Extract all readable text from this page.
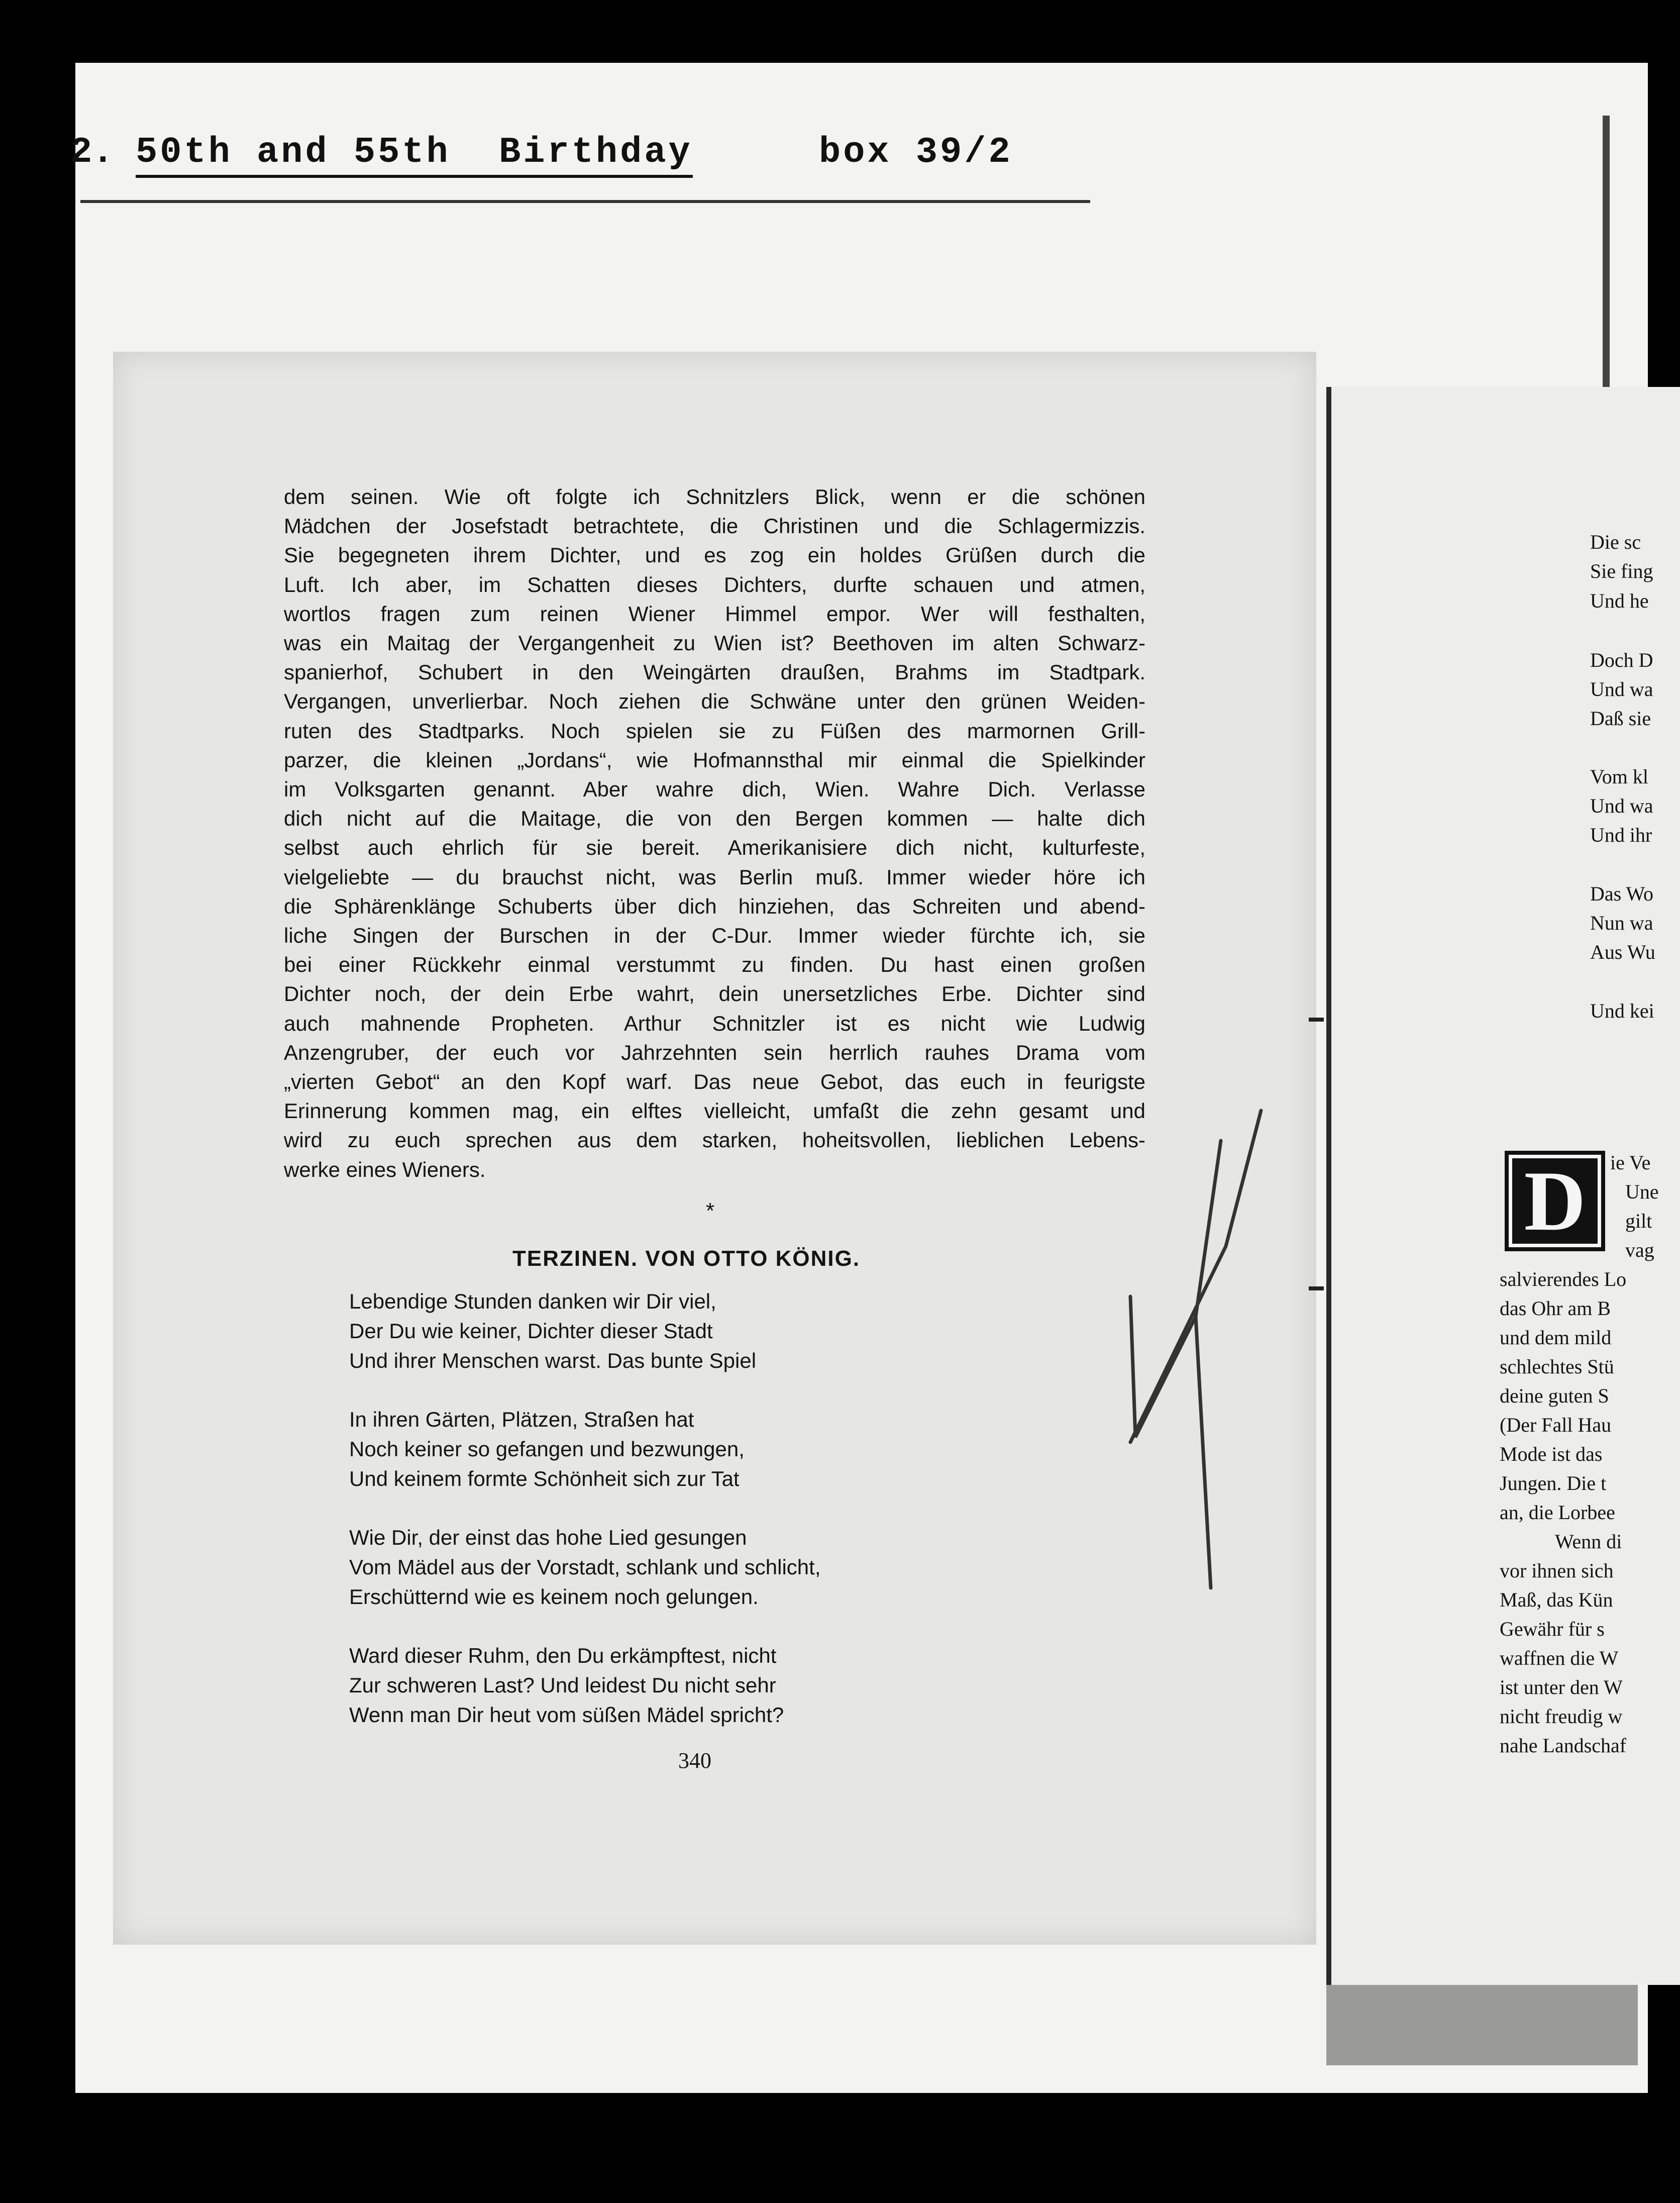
2. 50th and 55th  Birthday	box 39/2
dem seinen. Wie oft folgte ich Schnitzlers Blick, wenn er die schönen
Mädchen der Josefstadt betrachtete, die Christinen und die Schlagermizzis.
Sie begegneten ihrem Dichter, und es zog ein holdes Grüßen durch die
Luft. Ich aber, im Schatten dieses Dichters, durfte schauen und atmen,
wortlos fragen zum reinen Wiener Himmel empor. Wer will festhalten,
was ein Maitag der Vergangenheit zu Wien ist? Beethoven im alten Schwarz-
spanierhof, Schubert in den Weingärten draußen, Brahms im Stadtpark.
Vergangen, unverlierbar. Noch ziehen die Schwäne unter den grünen Weiden-
ruten des Stadtparks. Noch spielen sie zu Füßen des marmornen Grill-
parzer, die kleinen „Jordans“, wie Hofmannsthal mir einmal die Spielkinder
im Volksgarten genannt. Aber wahre dich, Wien. Wahre Dich. Verlasse
dich nicht auf die Maitage, die von den Bergen kommen — halte dich
selbst auch ehrlich für sie bereit. Amerikanisiere dich nicht, kulturfeste,
vielgeliebte — du brauchst nicht, was Berlin muß. Immer wieder höre ich
die Sphärenklänge Schuberts über dich hinziehen, das Schreiten und abend-
liche Singen der Burschen in der C-Dur. Immer wieder fürchte ich, sie
bei einer Rückkehr einmal verstummt zu finden. Du hast einen großen
Dichter noch, der dein Erbe wahrt, dein unersetzliches Erbe. Dichter sind
auch mahnende Propheten. Arthur Schnitzler ist es nicht wie Ludwig
Anzengruber, der euch vor Jahrzehnten sein herrlich rauhes Drama vom
„vierten Gebot“ an den Kopf warf. Das neue Gebot, das euch in feurigste
Erinnerung kommen mag, ein elftes vielleicht, umfaßt die zehn gesamt und
wird zu euch sprechen aus dem starken, hoheitsvollen, lieblichen Lebens-
werke eines Wieners.
*
TERZINEN. VON OTTO KÖNIG.
Lebendige Stunden danken wir Dir viel,
Der Du wie keiner, Dichter dieser Stadt
Und ihrer Menschen warst. Das bunte Spiel
In ihren Gärten, Plätzen, Straßen hat
Noch keiner so gefangen und bezwungen,
Und keinem formte Schönheit sich zur Tat
Wie Dir, der einst das hohe Lied gesungen
Vom Mädel aus der Vorstadt, schlank und schlicht,
Erschütternd wie es keinem noch gelungen.
Ward dieser Ruhm, den Du erkämpftest, nicht
Zur schweren Last? Und leidest Du nicht sehr
Wenn man Dir heut vom süßen Mädel spricht?
340
Die sc
Sie fing
Und he
Doch D
Und wa
Daß sie
Vom kl
Und wa
Und ihr
Das Wo
Nun wa
Aus Wu
Und kei
D	ie Ve
Une
gilt
vag
salvierendes Lo
das Ohr am B
und dem mild
schlechtes Stü
deine guten S
(Der Fall Hau
Mode ist das
Jungen. Die t
an, die Lorbee
Wenn di
vor ihnen sich
Maß, das Kün
Gewähr für s
waffnen die W
ist unter den W
nicht freudig w
nahe Landschaf
